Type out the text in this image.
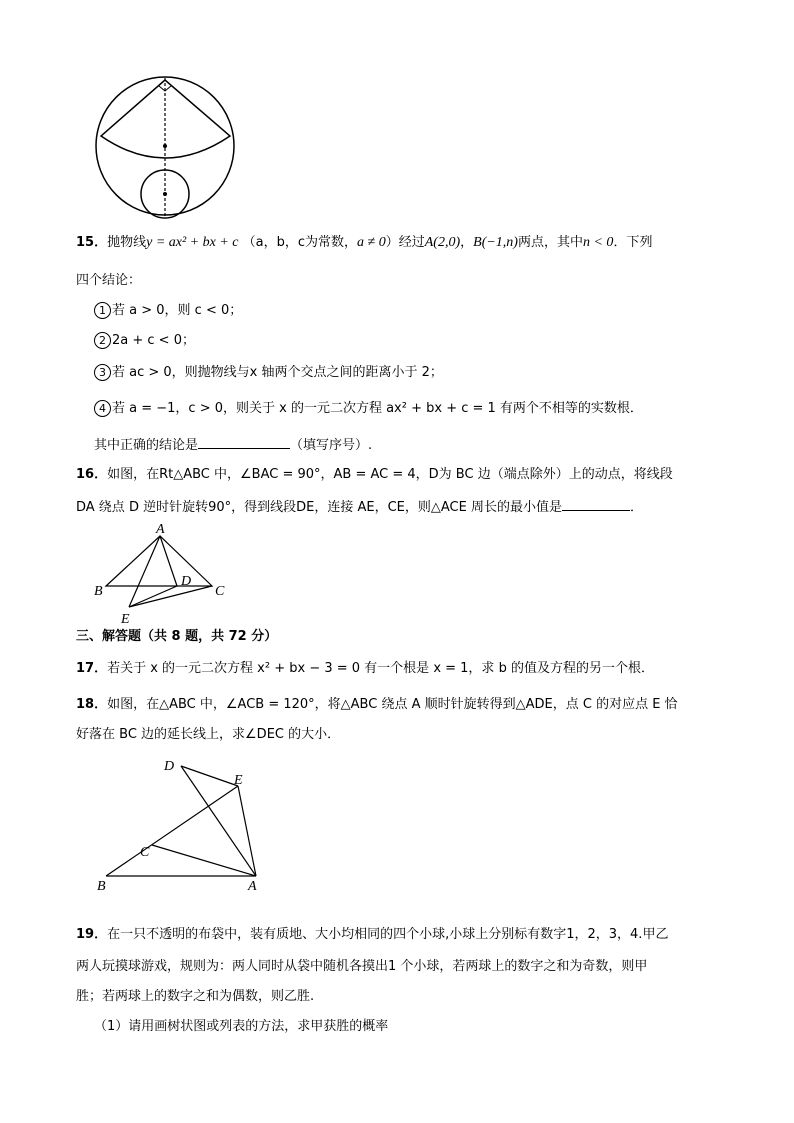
15．抛物线y = ax² + bx + c （a，b，c为常数，a ≠ 0）经过A(2,0)，B(−1,n)两点，其中n < 0．下列
四个结论：
1 若 a > 0，则 c < 0；
2 2a + c < 0；
3 若 ac > 0，则抛物线与x 轴两个交点之间的距离小于 2；
4 若 a = −1，c > 0，则关于 x 的一元二次方程 ax² + bx + c = 1 有两个不相等的实数根．
其中正确的结论是	（填写序号）.
16．如图，在Rt△ABC 中，∠BAC = 90°，AB = AC = 4，D为 BC 边（端点除外）上的动点，将线段
DA 绕点 D 逆时针旋转90°，得到线段DE，连接 AE，CE，则△ACE 周长的最小值是	．
A
B	C
D
E
三、解答题（共 8 题，共 72 分）
17．若关于 x 的一元二次方程 x² + bx − 3 = 0 有一个根是 x = 1，求 b 的值及方程的另一个根．
18．如图，在△ABC 中，∠ACB = 120°，将△ABC 绕点 A 顺时针旋转得到△ADE，点 C 的对应点 E 恰
好落在 BC 边的延长线上，求∠DEC 的大小．
D
E
C
B	A
19．在一只不透明的布袋中，装有质地、大小均相同的四个小球,小球上分别标有数字1，2，3，4.甲乙
两人玩摸球游戏，规则为：两人同时从袋中随机各摸出1 个小球，若两球上的数字之和为奇数，则甲
胜；若两球上的数字之和为偶数，则乙胜.
（1）请用画树状图或列表的方法，求甲获胜的概率
